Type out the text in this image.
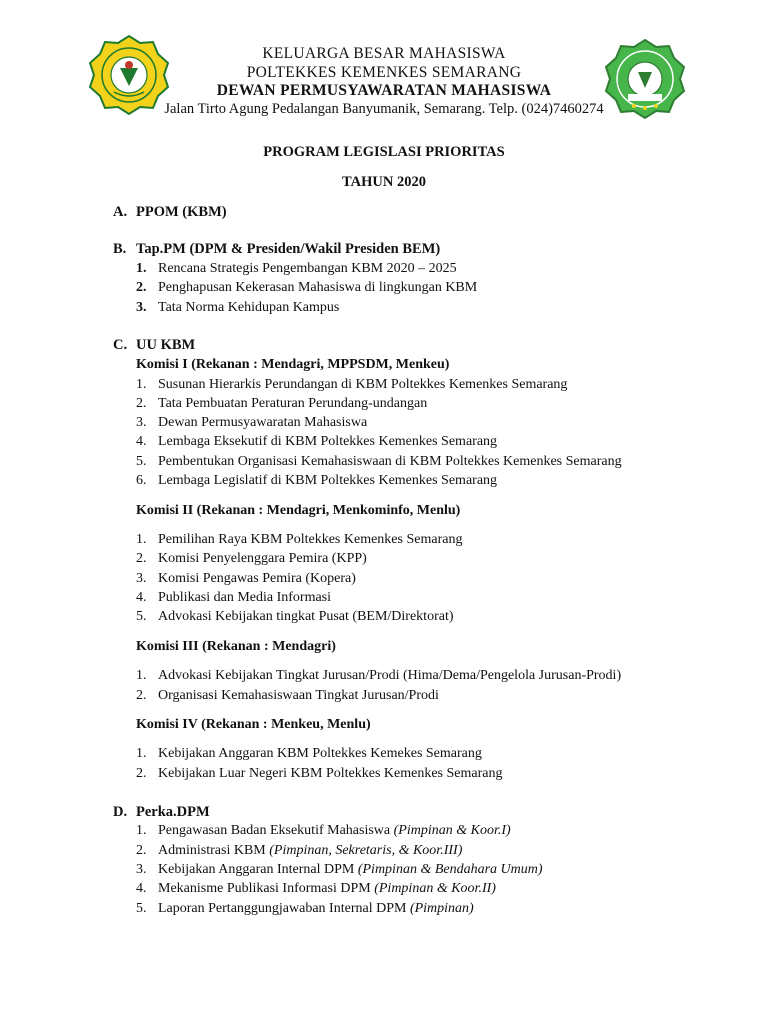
KELUARGA BESAR MAHASISWA
POLTEKKES KEMENKES SEMARANG
DEWAN PERMUSYAWARATAN MAHASISWA
Jalan Tirto Agung Pedalangan Banyumanik, Semarang. Telp. (024)7460274
PROGRAM LEGISLASI PRIORITAS
TAHUN 2020
A. PPOM (KBM)
B. Tap.PM (DPM & Presiden/Wakil Presiden BEM)
1. Rencana Strategis Pengembangan KBM 2020 – 2025
2. Penghapusan Kekerasan Mahasiswa di lingkungan KBM
3. Tata Norma Kehidupan Kampus
C. UU KBM
Komisi I (Rekanan : Mendagri, MPPSDM, Menkeu)
1. Susunan Hierarkis Perundangan di KBM Poltekkes Kemenkes Semarang
2. Tata Pembuatan Peraturan Perundang-undangan
3. Dewan Permusyawaratan Mahasiswa
4. Lembaga Eksekutif di KBM Poltekkes Kemenkes Semarang
5. Pembentukan Organisasi Kemahasiswaan di KBM Poltekkes Kemenkes Semarang
6. Lembaga Legislatif di KBM Poltekkes Kemenkes Semarang
Komisi II (Rekanan : Mendagri, Menkominfo, Menlu)
1. Pemilihan Raya KBM Poltekkes Kemenkes Semarang
2. Komisi Penyelenggara Pemira (KPP)
3. Komisi Pengawas Pemira (Kopera)
4. Publikasi dan Media Informasi
5. Advokasi Kebijakan tingkat Pusat (BEM/Direktorat)
Komisi III (Rekanan : Mendagri)
1. Advokasi Kebijakan Tingkat Jurusan/Prodi (Hima/Dema/Pengelola Jurusan-Prodi)
2. Organisasi Kemahasiswaan Tingkat Jurusan/Prodi
Komisi IV (Rekanan : Menkeu, Menlu)
1. Kebijakan Anggaran KBM Poltekkes Kemekes Semarang
2. Kebijakan Luar Negeri KBM Poltekkes Kemenkes Semarang
D. Perka.DPM
1. Pengawasan Badan Eksekutif Mahasiswa (Pimpinan & Koor.I)
2. Administrasi KBM (Pimpinan, Sekretaris, & Koor.III)
3. Kebijakan Anggaran Internal DPM (Pimpinan & Bendahara Umum)
4. Mekanisme Publikasi Informasi DPM (Pimpinan & Koor.II)
5. Laporan Pertanggungjawaban Internal DPM (Pimpinan)
